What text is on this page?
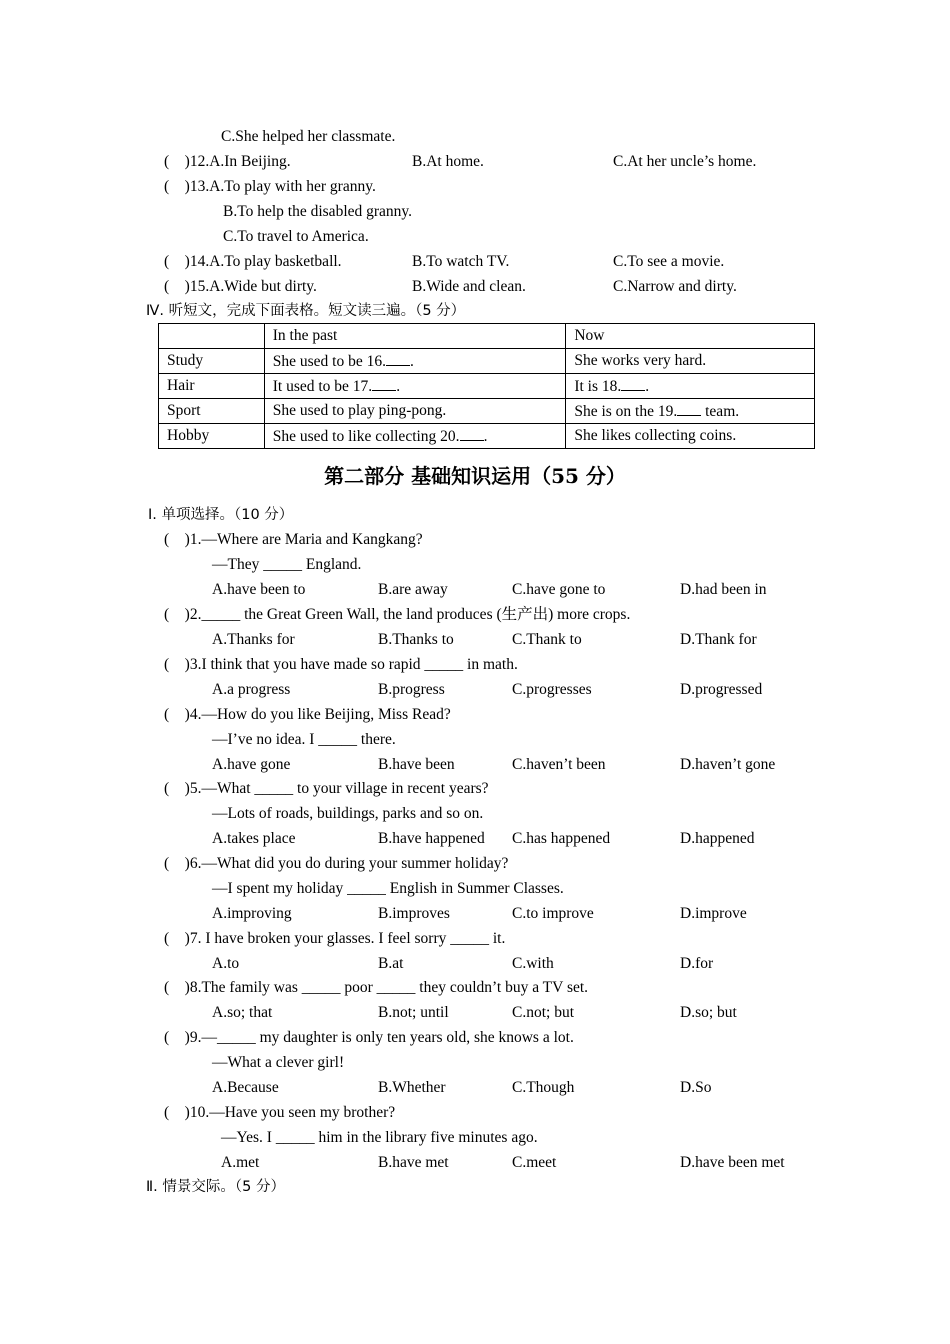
C.She helped her classmate.
(　)12.A.In Beijing.	B.At home.	C.At her uncle’s home.
(　)13.A.To play with her granny.
B.To help the disabled granny.
C.To travel to America.
(　)14.A.To play basketball.	B.To watch TV.	C.To see a movie.
(　)15.A.Wide but dirty.	B.Wide and clean.	C.Narrow and dirty.
Ⅳ. 听短文，完成下面表格。短文读三遍。（5 分）
	In the past	Now
Study	She used to be 16. .	She works very hard.
Hair	It used to be 17. .	It is 18. .
Sport	She used to play ping-pong.	She is on the 19. team.
Hobby	She used to like collecting 20. .	She likes collecting coins.
第二部分 基础知识运用（55 分）
Ⅰ. 单项选择。（10 分）
(　)1.—Where are Maria and Kangkang?
—They _____ England.
A.have been to	B.are away	C.have gone to	D.had been in
(　)2._____ the Great Green Wall, the land produces (生产出) more crops.
A.Thanks for	B.Thanks to	C.Thank to	D.Thank for
(　)3.I think that you have made so rapid _____ in math.
A.a progress	B.progress	C.progresses	D.progressed
(　)4.—How do you like Beijing, Miss Read?
—I’ve no idea. I _____ there.
A.have gone	B.have been	C.haven’t been	D.haven’t gone
(　)5.—What _____ to your village in recent years?
—Lots of roads, buildings, parks and so on.
A.takes place	B.have happened C.has happened	D.happened
(　)6.—What did you do during your summer holiday?
—I spent my holiday _____ English in Summer Classes.
A.improving	B.improves	C.to improve	D.improve
(　)7. I have broken your glasses. I feel sorry _____ it.
A.to	B.at	C.with	D.for
(　)8.The family was _____ poor _____ they couldn’t buy a TV set.
A.so; that	B.not; until	C.not; but	D.so; but
(　)9.—_____ my daughter is only ten years old, she knows a lot.
—What a clever girl!
A.Because	B.Whether	C.Though	D.So
(　)10.—Have you seen my brother?
—Yes. I _____ him in the library five minutes ago.
A.met	B.have met	C.meet	D.have been met
Ⅱ. 情景交际。（5 分）
